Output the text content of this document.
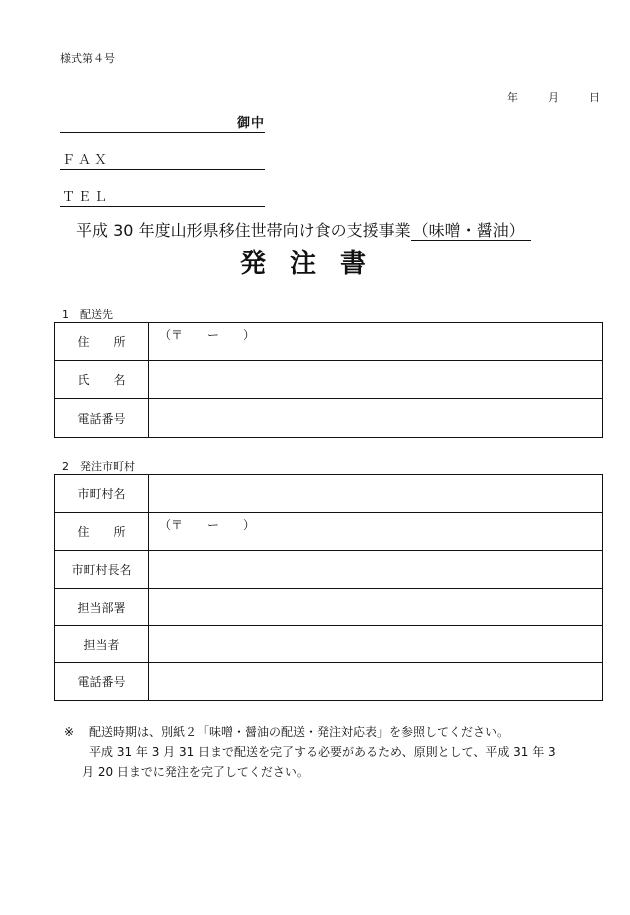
様式第４号
年	月	日
御中
ＦＡＸ
ＴＥＬ
平成 30 年度山形県移住世帯向け食の支援事業 （味噌・醤油）
発注書
1　配送先
住　　所	（〒　　ー　　）

氏　　名	
電話番号	
2　発注市町村
市町村名	
住　　所	（〒　　ー　　）

市町村長名	
担当部署	
担当者	
電話番号	
※	配送時期は、別紙２「味噌・醤油の配送・発注対応表」を参照してください。

平成 31 年 3 月 31 日まで配送を完了する必要があるため、原則として、平成 31 年 3

月 20 日までに発注を完了してください。
